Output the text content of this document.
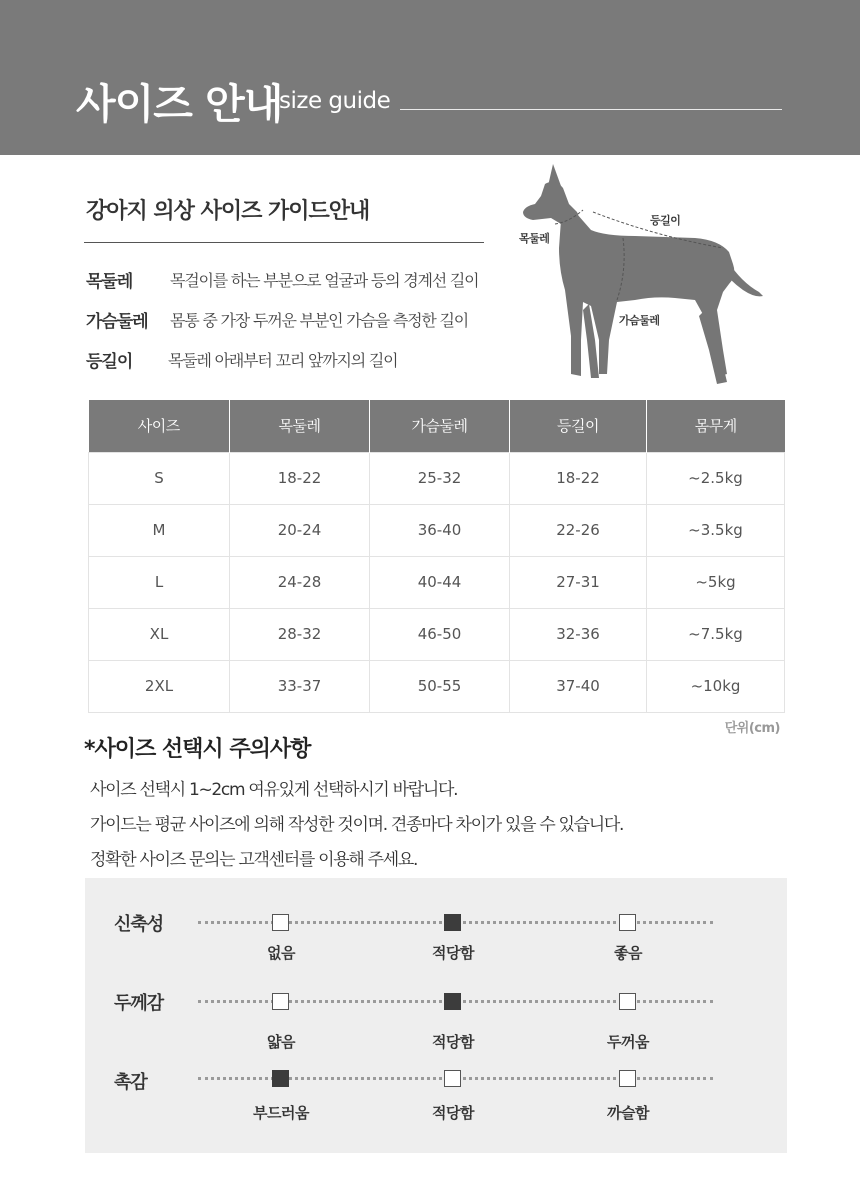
사이즈 안내
size guide
강아지 의상 사이즈 가이드안내
목둘레 목걸이를 하는 부분으로 얼굴과 등의 경계선 길이
가슴둘레 몸통 중 가장 두꺼운 부분인 가슴을 측정한 길이
등길이 목둘레 아래부터 꼬리 앞까지의 길이
목둘레
등길이
가슴둘레
사이즈	목둘레	가슴둘레	등길이	몸무게
S	18-22	25-32	18-22	~2.5kg
M	20-24	36-40	22-26	~3.5kg
L	24-28	40-44	27-31	~5kg
XL	28-32	46-50	32-36	~7.5kg
2XL	33-37	50-55	37-40	~10kg
단위(cm)
*사이즈 선택시 주의사항
사이즈 선택시 1~2cm 여유있게 선택하시기 바랍니다.
가이드는 평균 사이즈에 의해 작성한 것이며. 견종마다 차이가 있을 수 있습니다.
정확한 사이즈 문의는 고객센터를 이용해 주세요.
신축성
없음	적당함	좋음
두께감
얇음	적당함	두꺼움
촉감
부드러움	적당함	까슬함
